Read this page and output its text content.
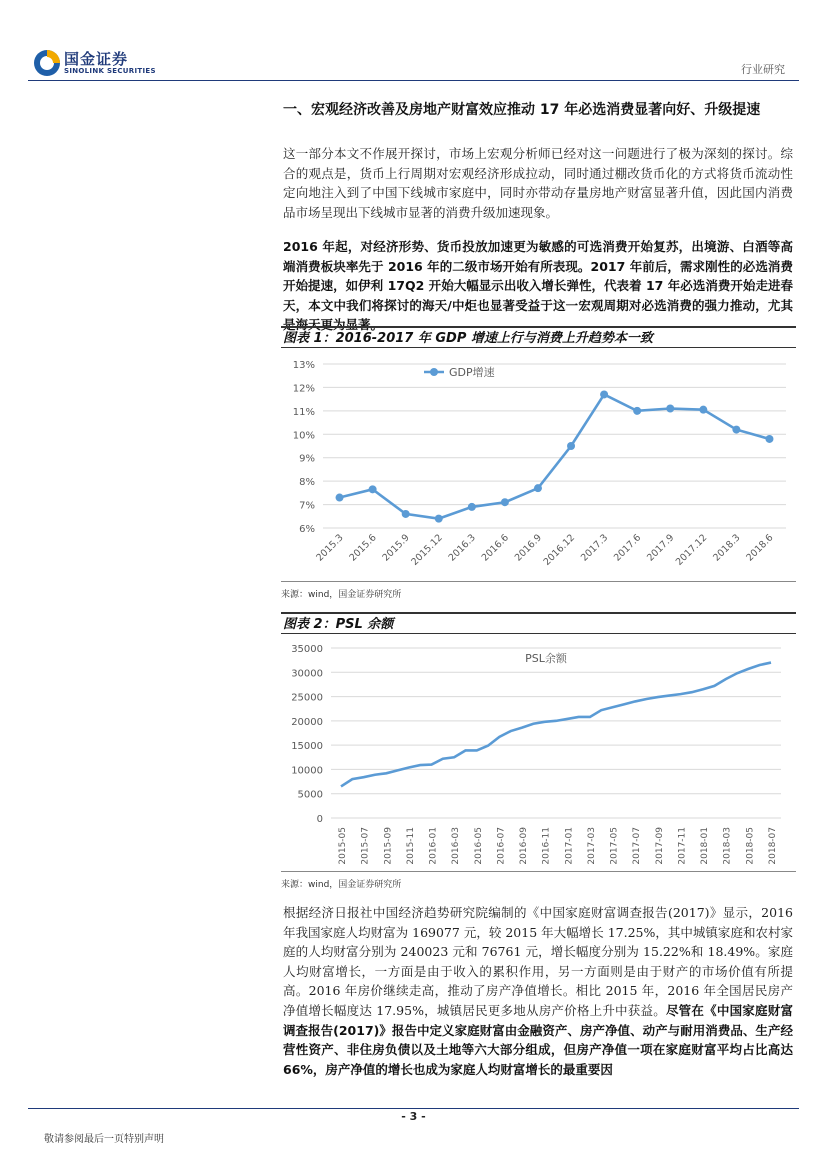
国金证券
SINOLINK SECURITIES	行业研究
一、宏观经济改善及房地产财富效应推动 17 年必选消费显著向好、升级提速
这一部分本文不作展开探讨，市场上宏观分析师已经对这一问题进行了极为深刻的探讨。综合的观点是，货币上行周期对宏观经济形成拉动，同时通过棚改货币化的方式将货币流动性定向地注入到了中国下线城市家庭中，同时亦带动存量房地产财富显著升值，因此国内消费品市场呈现出下线城市显著的消费升级加速现象。
2016 年起，对经济形势、货币投放加速更为敏感的可选消费开始复苏，出境游、白酒等高端消费板块率先于 2016 年的二级市场开始有所表现。2017 年前后，需求刚性的必选消费开始提速，如伊利 17Q2 开始大幅显示出收入增长弹性，代表着 17 年必选消费开始走进春天，本文中我们将探讨的海天/中炬也显著受益于这一宏观周期对必选消费的强力推动，尤其是海天更为显著。
图表 1：2016-2017 年 GDP 增速上行与消费上升趋势本一致
6%
7%
8%
9%
10%
11%
12%
13%
2015.3 2015.6 2015.9
2015.12 2016.3 2016.6 2016.9
2016.12 2017.3 2017.6 2017.9
2017.12 2018.3 2018.6
GDP增速
来源：wind，国金证券研究所
图表 2：PSL 余额
0
5000
10000
15000
20000
25000
30000
35000
2015-05 2015-07 2015-09 2015-11 2016-01 2016-03 2016-05 2016-07 2016-09 2016-11 2017-01 2017-03 2017-05 2017-07 2017-09 2017-11 2018-01 2018-03 2018-05 2018-07
PSL余额
来源：wind，国金证券研究所
根据经济日报社中国经济趋势研究院编制的《中国家庭财富调查报告(2017)》显示，2016 年我国家庭人均财富为 169077 元，较 2015 年大幅增长 17.25%，其中城镇家庭和农村家庭的人均财富分别为 240023 元和 76761 元，增长幅度分别为 15.22%和 18.49%。家庭人均财富增长，一方面是由于收入的累积作用，另一方面则是由于财产的市场价值有所提高。2016 年房价继续走高，推动了房产净值增长。相比 2015 年，2016 年全国居民房产净值增长幅度达 17.95%，城镇居民更多地从房产价格上升中获益。尽管在《中国家庭财富调查报告(2017)》报告中定义家庭财富由金融资产、房产净值、动产与耐用消费品、生产经营性资产、非住房负债以及土地等六大部分组成，但房产净值一项在家庭财富平均占比高达 66%，房产净值的增长也成为家庭人均财富增长的最重要因
- 3 -
敬请参阅最后一页特别声明
